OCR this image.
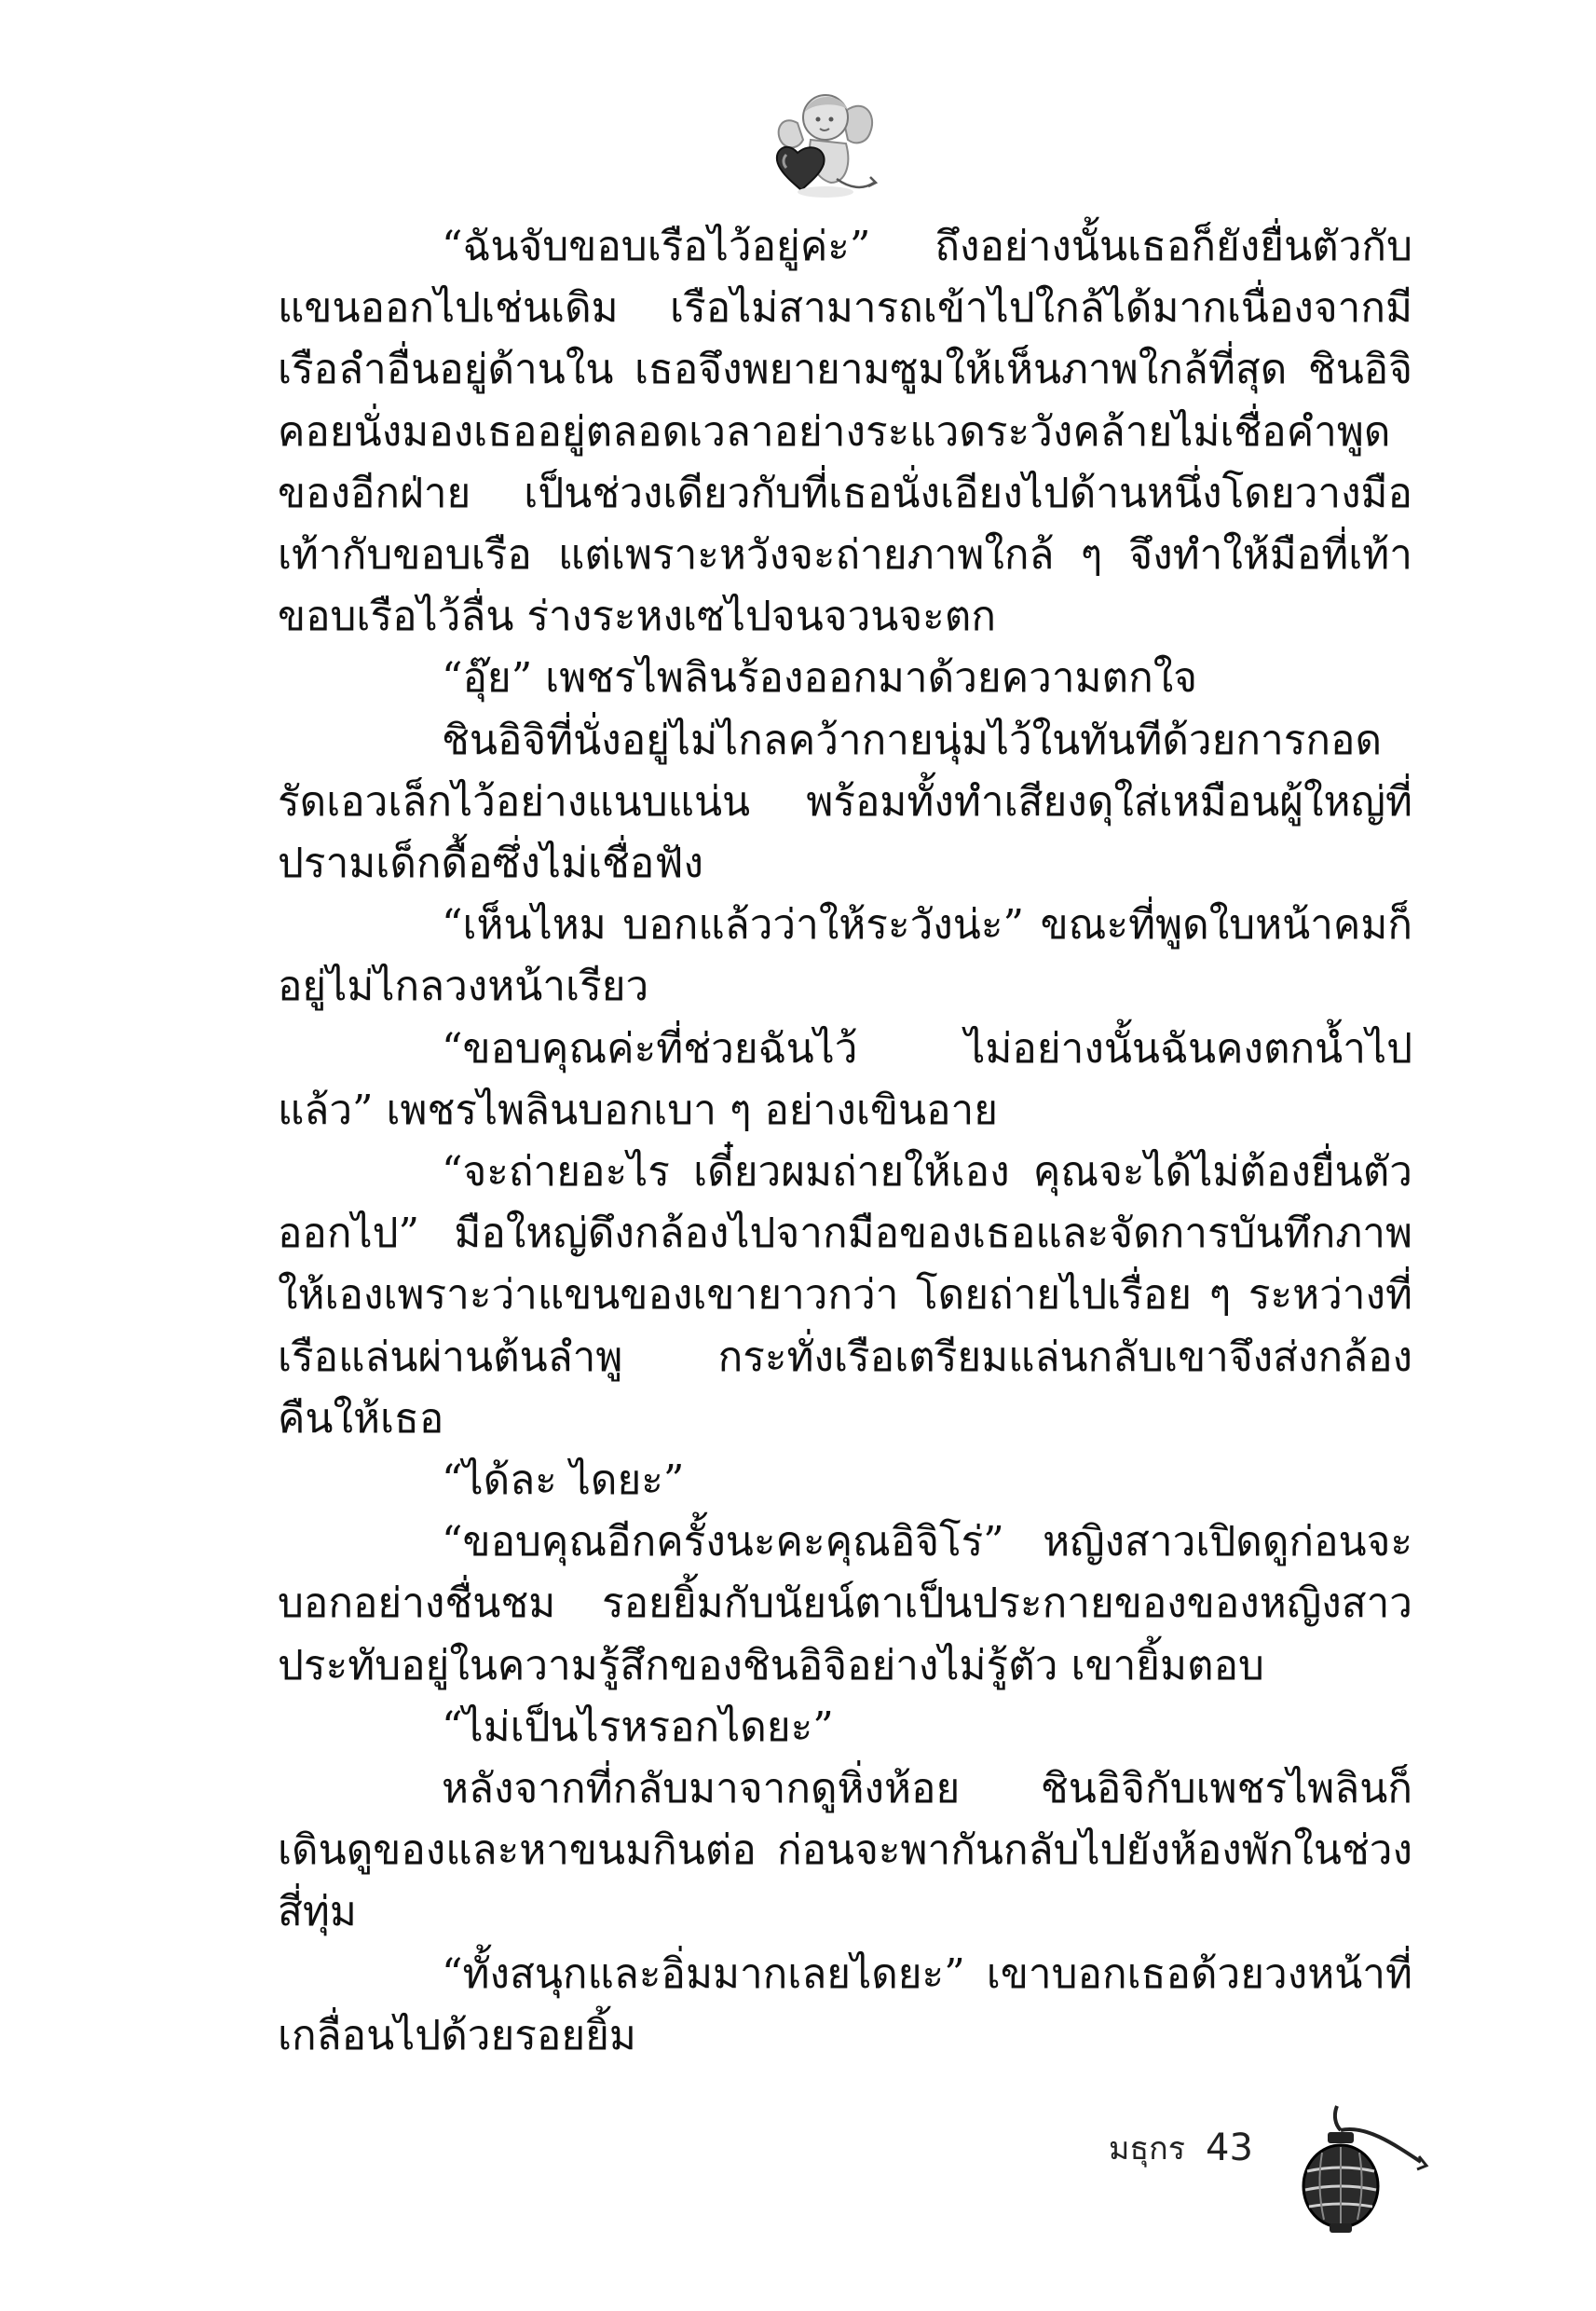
“ฉันจับขอบเรือไว้อยู่ค่ะ” ถึงอย่างนั้นเธอก็ยังยื่นตัวกับแขนออกไปเช่นเดิม เรือไม่สามารถเข้าไปใกล้ได้มากเนื่องจากมีเรือลำอื่นอยู่ด้านใน เธอจึงพยายามซูมให้เห็นภาพใกล้ที่สุด ชินอิจิคอยนั่งมองเธออยู่ตลอดเวลาอย่างระแวดระวังคล้ายไม่เชื่อคำพูดของอีกฝ่าย เป็นช่วงเดียวกับที่เธอนั่งเอียงไปด้านหนึ่งโดยวางมือเท้ากับขอบเรือ แต่เพราะหวังจะถ่ายภาพใกล้ ๆ จึงทำให้มือที่เท้าขอบเรือไว้ลื่น ร่างระหงเซไปจนจวนจะตก

“อุ๊ย” เพชรไพลินร้องออกมาด้วยความตกใจ

ชินอิจิที่นั่งอยู่ไม่ไกลคว้ากายนุ่มไว้ในทันทีด้วยการกอดรัดเอวเล็กไว้อย่างแนบแน่น พร้อมทั้งทำเสียงดุใส่เหมือนผู้ใหญ่ที่ปรามเด็กดื้อซึ่งไม่เชื่อฟัง

“เห็นไหม บอกแล้วว่าให้ระวังน่ะ” ขณะที่พูดใบหน้าคมก็อยู่ไม่ไกลวงหน้าเรียว

“ขอบคุณค่ะที่ช่วยฉันไว้ ไม่อย่างนั้นฉันคงตกน้ำไปแล้ว” เพชรไพลินบอกเบา ๆ อย่างเขินอาย

“จะถ่ายอะไร เดี๋ยวผมถ่ายให้เอง คุณจะได้ไม่ต้องยื่นตัวออกไป” มือใหญ่ดึงกล้องไปจากมือของเธอและจัดการบันทึกภาพให้เองเพราะว่าแขนของเขายาวกว่า โดยถ่ายไปเรื่อย ๆ ระหว่างที่เรือแล่นผ่านต้นลำพู กระทั่งเรือเตรียมแล่นกลับเขาจึงส่งกล้องคืนให้เธอ

“ได้ละ ไดยะ”

“ขอบคุณอีกครั้งนะคะคุณอิจิโร่” หญิงสาวเปิดดูก่อนจะบอกอย่างชื่นชม รอยยิ้มกับนัยน์ตาเป็นประกายของของหญิงสาวประทับอยู่ในความรู้สึกของชินอิจิอย่างไม่รู้ตัว เขายิ้มตอบ

“ไม่เป็นไรหรอกไดยะ”

หลังจากที่กลับมาจากดูหิ่งห้อย ชินอิจิกับเพชรไพลินก็เดินดูของและหาขนมกินต่อ ก่อนจะพากันกลับไปยังห้องพักในช่วงสี่ทุ่ม

“ทั้งสนุกและอิ่มมากเลยไดยะ” เขาบอกเธอด้วยวงหน้าที่เกลื่อนไปด้วยรอยยิ้ม

มธุกร 43
